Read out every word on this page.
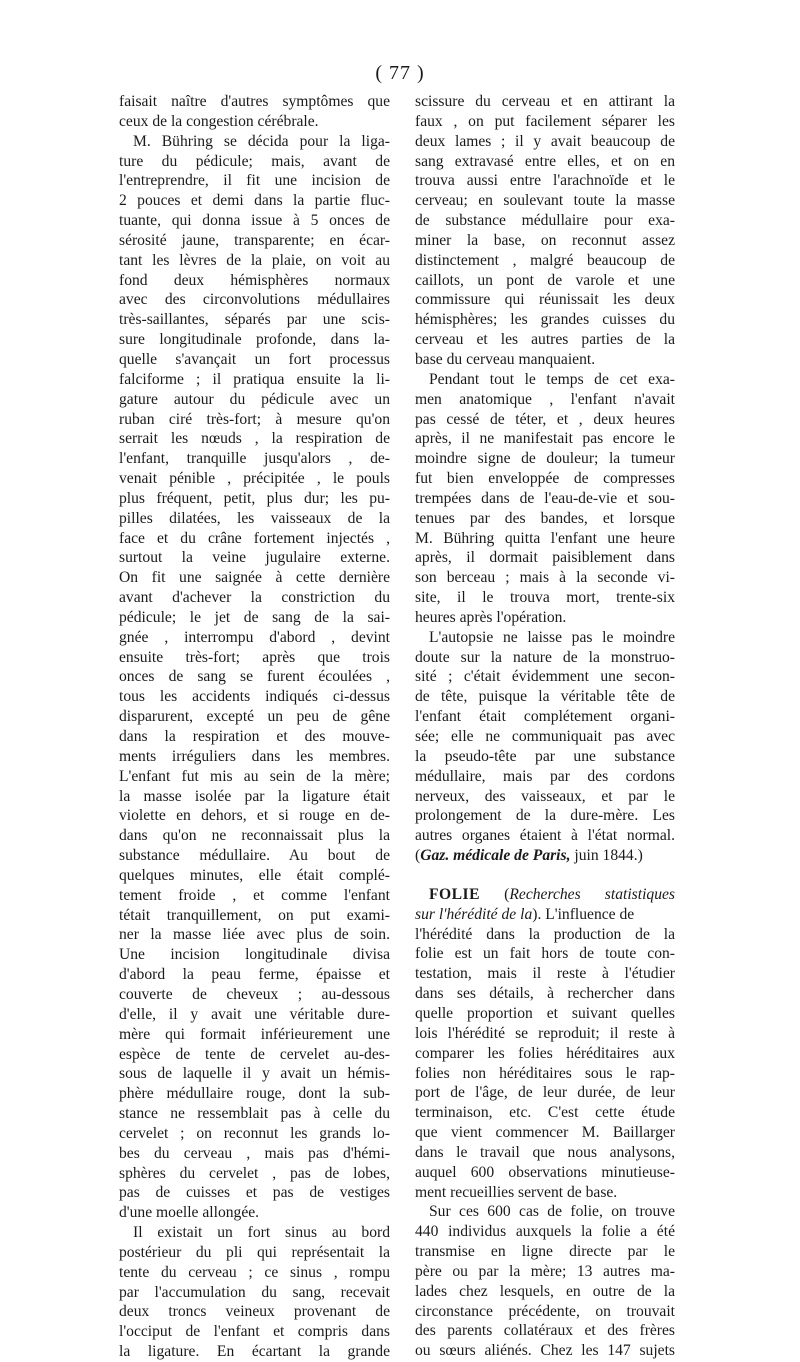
( 77 )
faisait naître d'autres symptômes que
ceux de la congestion cérébrale.
M. Bühring se décida pour la liga-
ture du pédicule; mais, avant de
l'entreprendre, il fit une incision de
2 pouces et demi dans la partie fluc-
tuante, qui donna issue à 5 onces de
sérosité jaune, transparente; en écar-
tant les lèvres de la plaie, on voit au
fond deux hémisphères normaux
avec des circonvolutions médullaires
très-saillantes, séparés par une scis-
sure longitudinale profonde, dans la-
quelle s'avançait un fort processus
falciforme ; il pratiqua ensuite la li-
gature autour du pédicule avec un
ruban ciré très-fort; à mesure qu'on
serrait les nœuds , la respiration de
l'enfant, tranquille jusqu'alors , de-
venait pénible , précipitée , le pouls
plus fréquent, petit, plus dur; les pu-
pilles dilatées, les vaisseaux de la
face et du crâne fortement injectés ,
surtout la veine jugulaire externe.
On fit une saignée à cette dernière
avant d'achever la constriction du
pédicule; le jet de sang de la sai-
gnée , interrompu d'abord , devint
ensuite très-fort; après que trois
onces de sang se furent écoulées ,
tous les accidents indiqués ci-dessus
disparurent, excepté un peu de gêne
dans la respiration et des mouve-
ments irréguliers dans les membres.
L'enfant fut mis au sein de la mère;
la masse isolée par la ligature était
violette en dehors, et si rouge en de-
dans qu'on ne reconnaissait plus la
substance médullaire. Au bout de
quelques minutes, elle était complé-
tement froide , et comme l'enfant
tétait tranquillement, on put exami-
ner la masse liée avec plus de soin.
Une incision longitudinale divisa
d'abord la peau ferme, épaisse et
couverte de cheveux ; au-dessous
d'elle, il y avait une véritable dure-
mère qui formait inférieurement une
espèce de tente de cervelet au-des-
sous de laquelle il y avait un hémis-
phère médullaire rouge, dont la sub-
stance ne ressemblait pas à celle du
cervelet ; on reconnut les grands lo-
bes du cerveau , mais pas d'hémi-
sphères du cervelet , pas de lobes,
pas de cuisses et pas de vestiges
d'une moelle allongée.
Il existait un fort sinus au bord
postérieur du pli qui représentait la
tente du cerveau ; ce sinus , rompu
par l'accumulation du sang, recevait
deux troncs veineux provenant de
l'occiput de l'enfant et compris dans
la ligature. En écartant la grande
scissure du cerveau et en attirant la
faux , on put facilement séparer les
deux lames ; il y avait beaucoup de
sang extravasé entre elles, et on en
trouva aussi entre l'arachnoïde et le
cerveau; en soulevant toute la masse
de substance médullaire pour exa-
miner la base, on reconnut assez
distinctement , malgré beaucoup de
caillots, un pont de varole et une
commissure qui réunissait les deux
hémisphères; les grandes cuisses du
cerveau et les autres parties de la
base du cerveau manquaient.
Pendant tout le temps de cet exa-
men anatomique , l'enfant n'avait
pas cessé de téter, et , deux heures
après, il ne manifestait pas encore le
moindre signe de douleur; la tumeur
fut bien enveloppée de compresses
trempées dans de l'eau-de-vie et sou-
tenues par des bandes, et lorsque
M. Bühring quitta l'enfant une heure
après, il dormait paisiblement dans
son berceau ; mais à la seconde vi-
site, il le trouva mort, trente-six
heures après l'opération.
L'autopsie ne laisse pas le moindre
doute sur la nature de la monstruo-
sité ; c'était évidemment une secon-
de tête, puisque la véritable tête de
l'enfant était complétement organi-
sée; elle ne communiquait pas avec
la pseudo-tête par une substance
médullaire, mais par des cordons
nerveux, des vaisseaux, et par le
prolongement de la dure-mère. Les
autres organes étaient à l'état normal.
(Gaz. médicale de Paris, juin 1844.)
FOLIE (Recherches statistiques
sur l'hérédité de la). L'influence de
l'hérédité dans la production de la
folie est un fait hors de toute con-
testation, mais il reste à l'étudier
dans ses détails, à rechercher dans
quelle proportion et suivant quelles
lois l'hérédité se reproduit; il reste à
comparer les folies héréditaires aux
folies non héréditaires sous le rap-
port de l'âge, de leur durée, de leur
terminaison, etc. C'est cette étude
que vient commencer M. Baillarger
dans le travail que nous analysons,
auquel 600 observations minutieuse-
ment recueillies servent de base.
Sur ces 600 cas de folie, on trouve
440 individus auxquels la folie a été
transmise en ligne directe par le
père ou par la mère; 13 autres ma-
lades chez lesquels, en outre de la
circonstance précédente, on trouvait
des parents collatéraux et des frères
ou sœurs aliénés. Chez les 147 sujets
